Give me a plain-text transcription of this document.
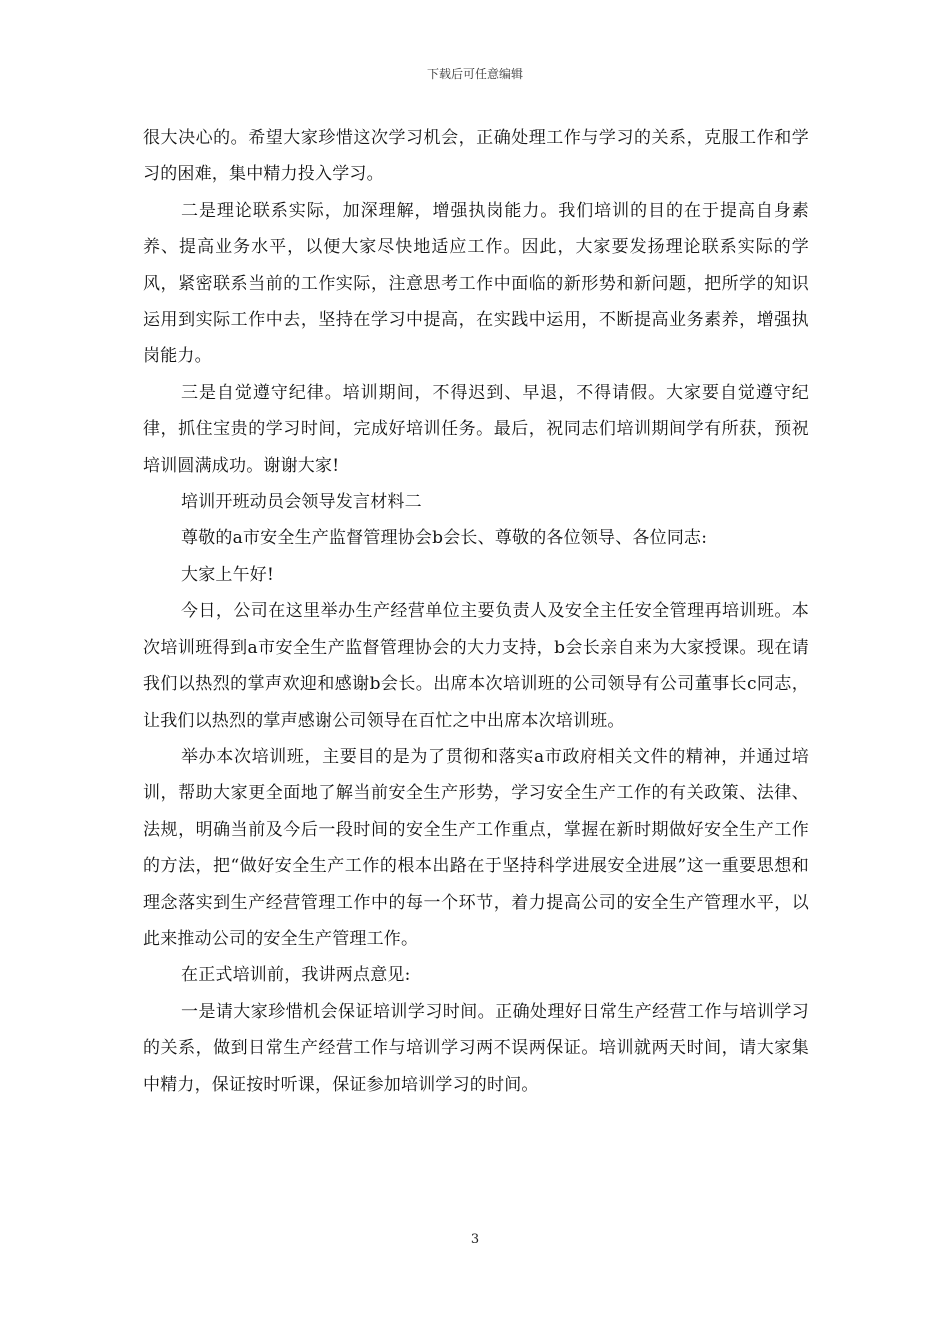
下载后可任意编辑

很大决心的。希望大家珍惜这次学习机会，正确处理工作与学习的关系，克服工作和学习的困难，集中精力投入学习。

二是理论联系实际，加深理解，增强执岗能力。我们培训的目的在于提高自身素养、提高业务水平，以便大家尽快地适应工作。因此，大家要发扬理论联系实际的学风，紧密联系当前的工作实际，注意思考工作中面临的新形势和新问题，把所学的知识运用到实际工作中去，坚持在学习中提高，在实践中运用，不断提高业务素养，增强执岗能力。

三是自觉遵守纪律。培训期间，不得迟到、早退，不得请假。大家要自觉遵守纪律，抓住宝贵的学习时间，完成好培训任务。最后，祝同志们培训期间学有所获，预祝培训圆满成功。谢谢大家!

培训开班动员会领导发言材料二

尊敬的a市安全生产监督管理协会b会长、尊敬的各位领导、各位同志:

大家上午好!

今日，公司在这里举办生产经营单位主要负责人及安全主任安全管理再培训班。本次培训班得到a市安全生产监督管理协会的大力支持，b会长亲自来为大家授课。现在请我们以热烈的掌声欢迎和感谢b会长。出席本次培训班的公司领导有公司董事长c同志，让我们以热烈的掌声感谢公司领导在百忙之中出席本次培训班。

举办本次培训班，主要目的是为了贯彻和落实a市政府相关文件的精神，并通过培训，帮助大家更全面地了解当前安全生产形势，学习安全生产工作的有关政策、法律、法规，明确当前及今后一段时间的安全生产工作重点，掌握在新时期做好安全生产工作的方法，把“做好安全生产工作的根本出路在于坚持科学进展安全进展”这一重要思想和理念落实到生产经营管理工作中的每一个环节，着力提高公司的安全生产管理水平，以此来推动公司的安全生产管理工作。

在正式培训前，我讲两点意见:

一是请大家珍惜机会保证培训学习时间。正确处理好日常生产经营工作与培训学习的关系，做到日常生产经营工作与培训学习两不误两保证。培训就两天时间，请大家集中精力，保证按时听课，保证参加培训学习的时间。

3
